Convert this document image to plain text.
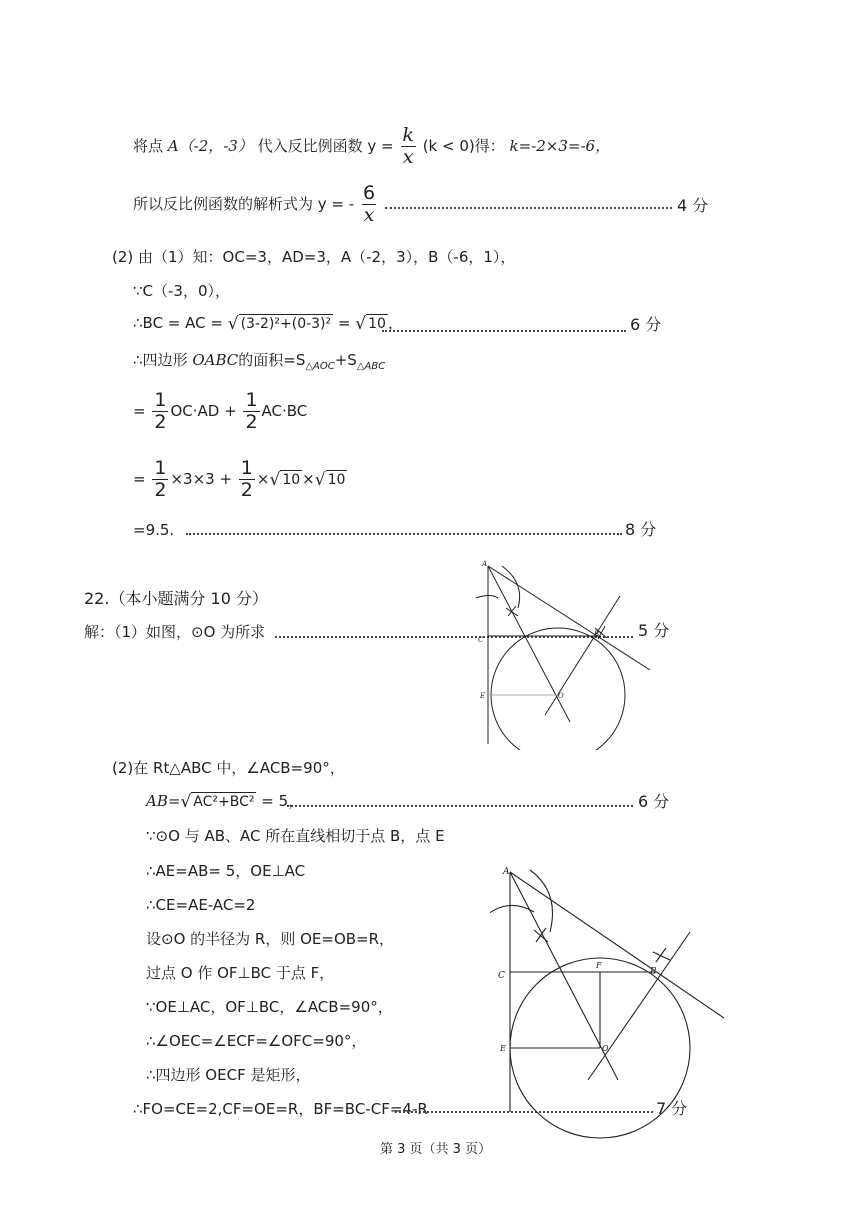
将点 A（-2，-3） 代入反比例函数 $y = \frac{k}{x} (k < 0)$得： k=-2×3=-6，
所以反比例函数的解析式为 y = - $\frac{6}{x}$ .	4 分
(2) 由（1）知：OC=3，AD=3，A（-2，3），B（-6，1），
∵C（-3，0），
∴BC = AC = √ (3-2)²+(0-3)² = √ 10 ，	6 分
∴四边形 OABC的面积$=S_{\triangle AOC}+S_{\triangle ABC}$
= $\frac{1}{2} OC\cdot AD + \frac{1}{2} AC\cdot BC$
= $\frac{1}{2} \times 3\times 3 + \frac{1}{2}$ × √ 10 × √ 10
=9.5.	8 分
22.（本小题满分 10 分）
解：（1）如图，⊙O 为所求	5 分
A
C
B
E	O
(2)在 Rt△ABC 中，∠ACB=90°，
AB= √ AC²+BC² = 5，	6 分
∵⊙O 与 AB、AC 所在直线相切于点 B，点 E
∴AE=AB= 5，OE⊥AC
∴CE=AE-AC=2
设⊙O 的半径为 R，则 OE=OB=R，
过点 O 作 OF⊥BC 于点 F，
∵OE⊥AC，OF⊥BC，∠ACB=90°，
∴∠OEC=∠ECF=∠OFC=90°，
∴四边形 OECF 是矩形，
∴FO=CE=2,CF=OE=R，BF=BC-CF=4-R	7 分
A
C
F
B
E	O
第 3 页（共 3 页）
